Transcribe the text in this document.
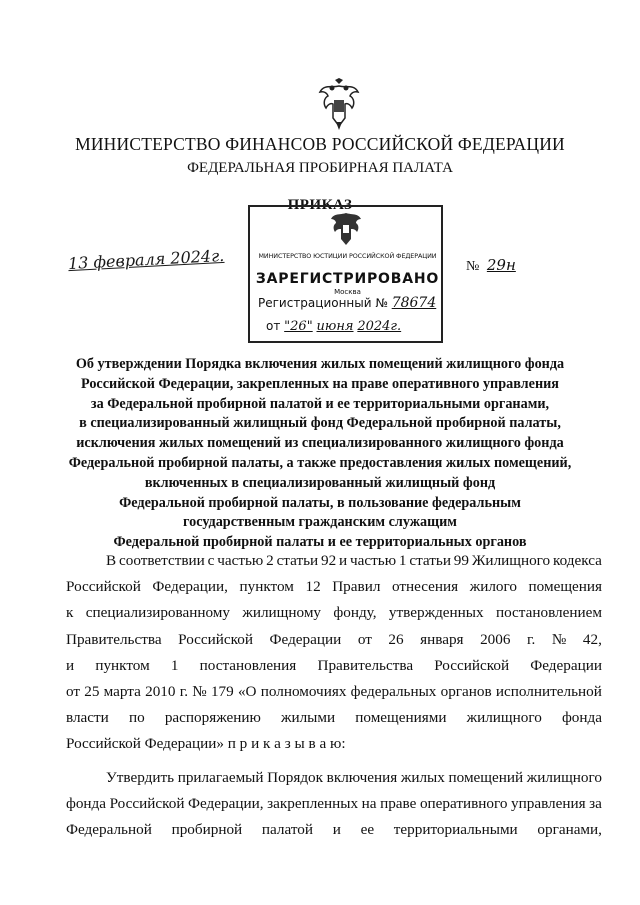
МИНИСТЕРСТВО ФИНАНСОВ РОССИЙСКОЙ ФЕДЕРАЦИИ
ФЕДЕРАЛЬНАЯ ПРОБИРНАЯ ПАЛАТА
ПРИКАЗ
13 февраля 2024г.	№ 29н
МИНИСТЕРСТВО ЮСТИЦИИ РОССИЙСКОЙ ФЕДЕРАЦИИ
ЗАРЕГИСТРИРОВАНО
Москва
Регистрационный № 78674
от "26" июня 2024г.
Об утверждении Порядка включения жилых помещений жилищного фонда
Российской Федерации, закрепленных на праве оперативного управления
за Федеральной пробирной палатой и ее территориальными органами,
в специализированный жилищный фонд Федеральной пробирной палаты,
исключения жилых помещений из специализированного жилищного фонда
Федеральной пробирной палаты, а также предоставления жилых помещений,
включенных в специализированный жилищный фонд
Федеральной пробирной палаты, в пользование федеральным
государственным гражданским служащим
Федеральной пробирной палаты и ее территориальных органов
В соответствии с частью 2 статьи 92 и частью 1 статьи 99 Жилищного кодекса
Российской Федерации, пунктом 12 Правил отнесения жилого помещения
к специализированному жилищному фонду, утвержденных постановлением
Правительства Российской Федерации от 26 января 2006 г. № 42,
и пунктом 1 постановления Правительства Российской Федерации
от 25 марта 2010 г. № 179 «О полномочиях федеральных органов исполнительной
власти по распоряжению жилыми помещениями жилищного фонда
Российской Федерации» п р и к а з ы в а ю:
Утвердить прилагаемый Порядок включения жилых помещений жилищного
фонда Российской Федерации, закрепленных на праве оперативного управления за
Федеральной пробирной палатой и ее территориальными органами,
